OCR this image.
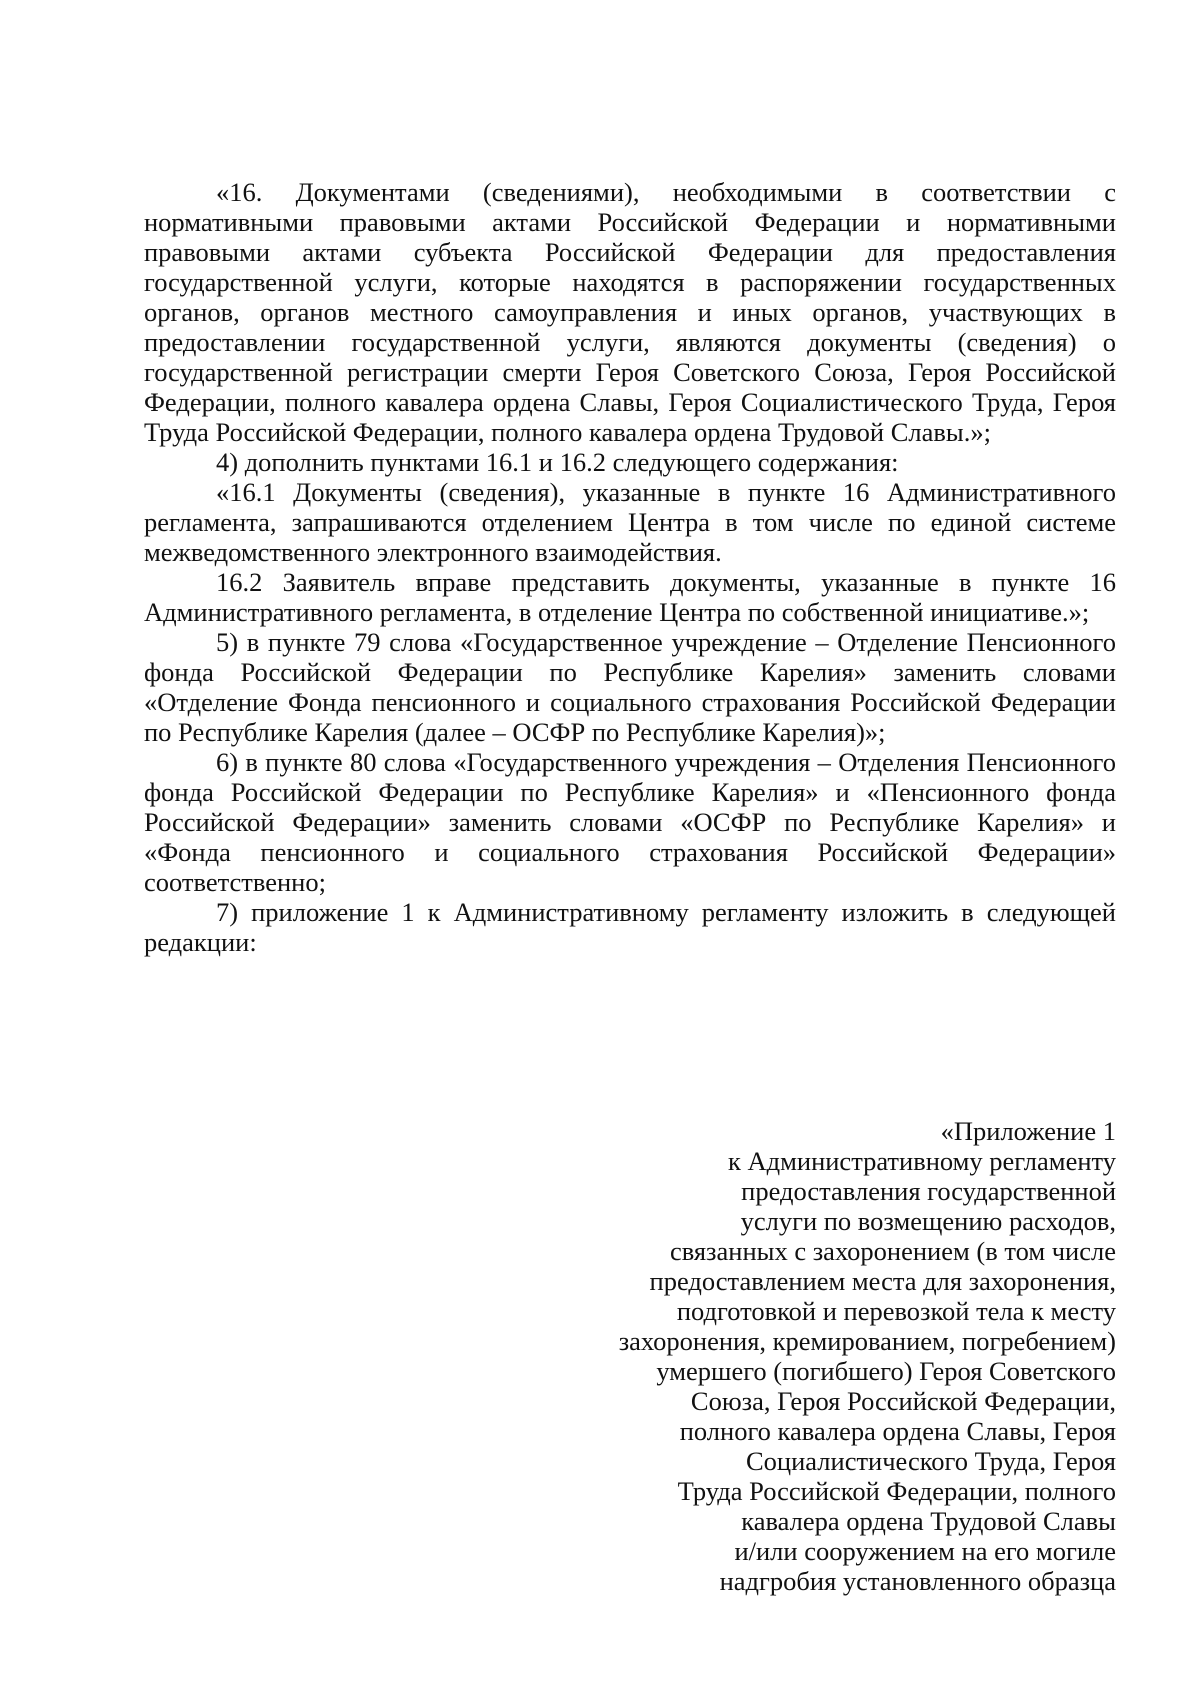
«16. Документами (сведениями), необходимыми в соответствии с нормативными правовыми актами Российской Федерации и нормативными правовыми актами субъекта Российской Федерации для предоставления государственной услуги, которые находятся в распоряжении государственных органов, органов местного самоуправления и иных органов, участвующих в предоставлении государственной услуги, являются документы (сведения) о государственной регистрации смерти Героя Советского Союза, Героя Российской Федерации, полного кавалера ордена Славы, Героя Социалистического Труда, Героя Труда Российской Федерации, полного кавалера ордена Трудовой Славы.»;

4) дополнить пунктами 16.1 и 16.2 следующего содержания:

«16.1 Документы (сведения), указанные в пункте 16 Административного регламента, запрашиваются отделением Центра в том числе по единой системе межведомственного электронного взаимодействия.

16.2 Заявитель вправе представить документы, указанные в пункте 16 Административного регламента, в отделение Центра по собственной инициативе.»;

5) в пункте 79 слова «Государственное учреждение – Отделение Пенсионного фонда Российской Федерации по Республике Карелия» заменить словами «Отделение Фонда пенсионного и социального страхования Российской Федерации по Республике Карелия (далее – ОСФР по Республике Карелия)»;

6) в пункте 80 слова «Государственного учреждения – Отделения Пенсионного фонда Российской Федерации по Республике Карелия» и «Пенсионного фонда Российской Федерации» заменить словами «ОСФР по Республике Карелия» и «Фонда пенсионного и социального страхования Российской Федерации» соответственно;

7) приложение 1 к Административному регламенту изложить в следующей редакции:

«Приложение 1
к Административному регламенту
предоставления государственной
услуги по возмещению расходов,
связанных с захоронением (в том числе
предоставлением места для захоронения,
подготовкой и перевозкой тела к месту
захоронения, кремированием, погребением)
умершего (погибшего) Героя Советского
Союза, Героя Российской Федерации,
полного кавалера ордена Славы, Героя
Социалистического Труда, Героя
Труда Российской Федерации, полного
кавалера ордена Трудовой Славы
и/или сооружением на его могиле
надгробия установленного образца
